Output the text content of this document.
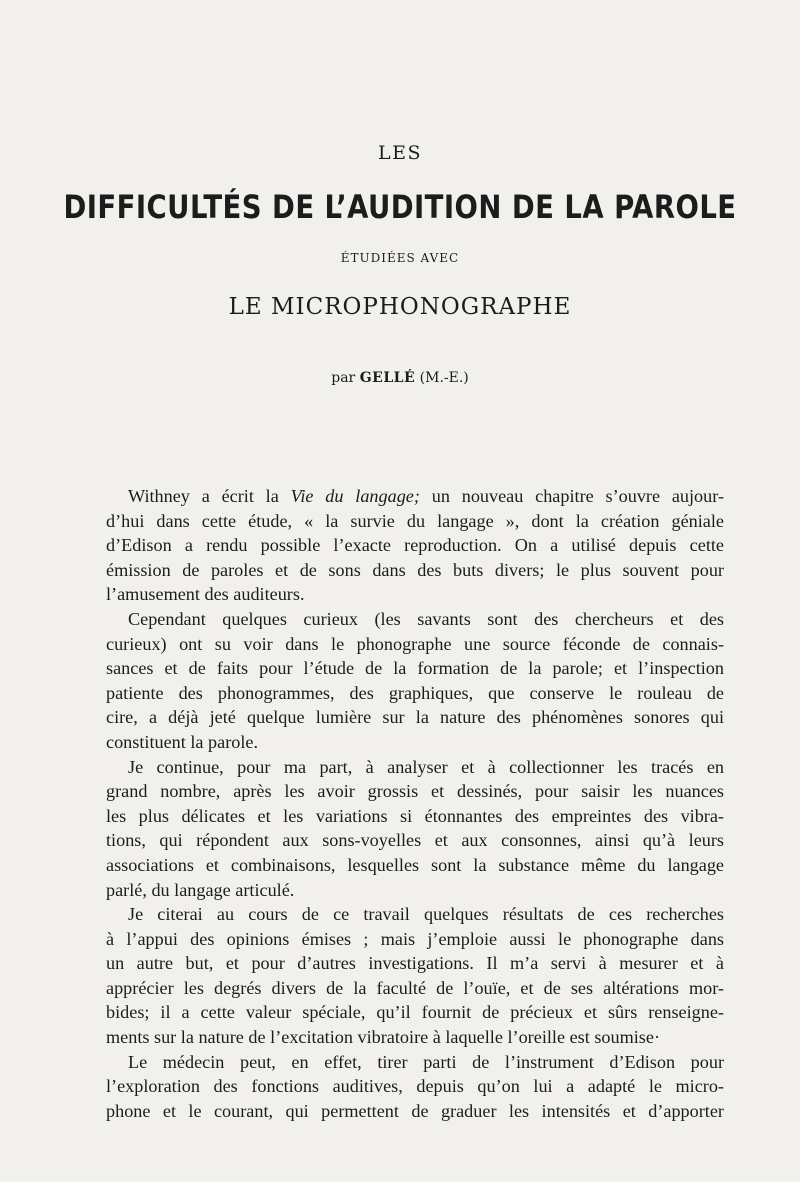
LES
DIFFICULTÉS DE L’AUDITION DE LA PAROLE
ÉTUDIÉES AVEC
LE MICROPHONOGRAPHE
par GELLÉ (M.-E.)

Withney a écrit la Vie du langage; un nouveau chapitre s’ouvre aujour-

d’hui dans cette étude, « la survie du langage », dont la création géniale

d’Edison a rendu possible l’exacte reproduction. On a utilisé depuis cette

émission de paroles et de sons dans des buts divers; le plus souvent pour

l’amusement des auditeurs.

Cependant quelques curieux (les savants sont des chercheurs et des

curieux) ont su voir dans le phonographe une source féconde de connais-

sances et de faits pour l’étude de la formation de la parole; et l’inspection

patiente des phonogrammes, des graphiques, que conserve le rouleau de

cire, a déjà jeté quelque lumière sur la nature des phénomènes sonores qui

constituent la parole.

Je continue, pour ma part, à analyser et à collectionner les tracés en

grand nombre, après les avoir grossis et dessinés, pour saisir les nuances

les plus délicates et les variations si étonnantes des empreintes des vibra-

tions, qui répondent aux sons-voyelles et aux consonnes, ainsi qu’à leurs

associations et combinaisons, lesquelles sont la substance même du langage

parlé, du langage articulé.

Je citerai au cours de ce travail quelques résultats de ces recherches

à l’appui des opinions émises ; mais j’emploie aussi le phonographe dans

un autre but, et pour d’autres investigations. Il m’a servi à mesurer et à

apprécier les degrés divers de la faculté de l’ouïe, et de ses altérations mor-

bides; il a cette valeur spéciale, qu’il fournit de précieux et sûrs renseigne-

ments sur la nature de l’excitation vibratoire à laquelle l’oreille est soumise·

Le médecin peut, en effet, tirer parti de l’instrument d’Edison pour

l’exploration des fonctions auditives, depuis qu’on lui a adapté le micro-

phone et le courant, qui permettent de graduer les intensités et d’apporter
